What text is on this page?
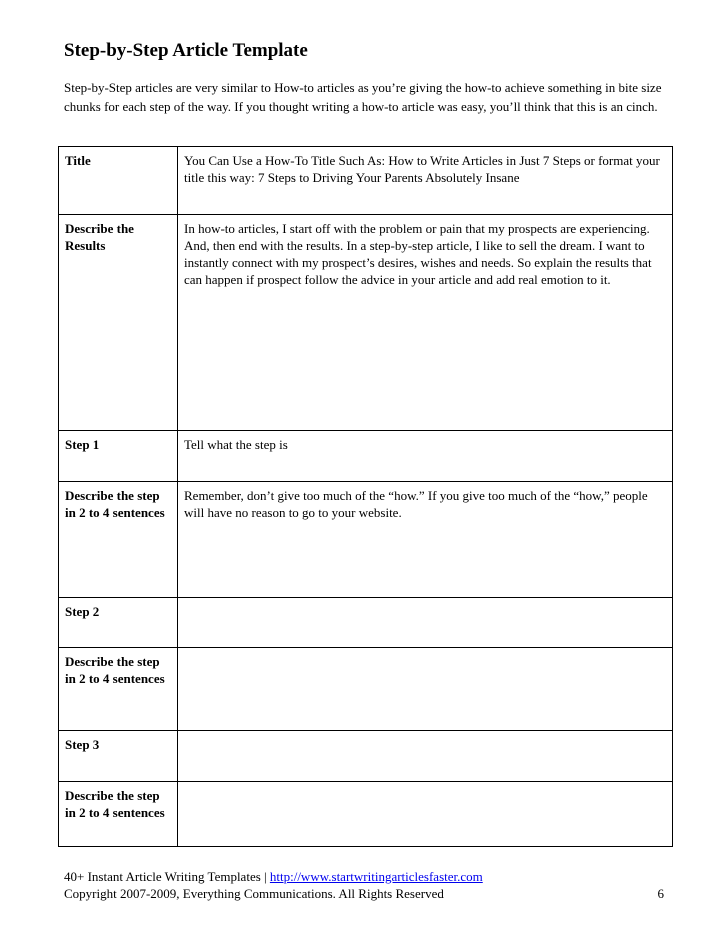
Step-by-Step Article Template

Step-by-Step articles are very similar to How-to articles as you’re giving the how-to achieve something in bite size chunks for each step of the way. If you thought writing a how-to article was easy, you’ll think that this is an cinch.

Title	You Can Use a How-To Title Such As: How to Write Articles in Just 7 Steps or format your title this way: 7 Steps to Driving Your Parents Absolutely Insane
Describe the Results	In how-to articles, I start off with the problem or pain that my prospects are experiencing. And, then end with the results. In a step-by-step article, I like to sell the dream. I want to instantly connect with my prospect’s desires, wishes and needs. So explain the results that can happen if prospect follow the advice in your article and add real emotion to it.
Step 1	Tell what the step is
Describe the step in 2 to 4 sentences	Remember, don’t give too much of the “how.” If you give too much of the “how,” people will have no reason to go to your website.
Step 2	
Describe the step in 2 to 4 sentences	
Step 3	
Describe the step in 2 to 4 sentences	
40+ Instant Article Writing Templates | http://www.startwritingarticlesfaster.com
Copyright 2007-2009, Everything Communications. All Rights Reserved	6
